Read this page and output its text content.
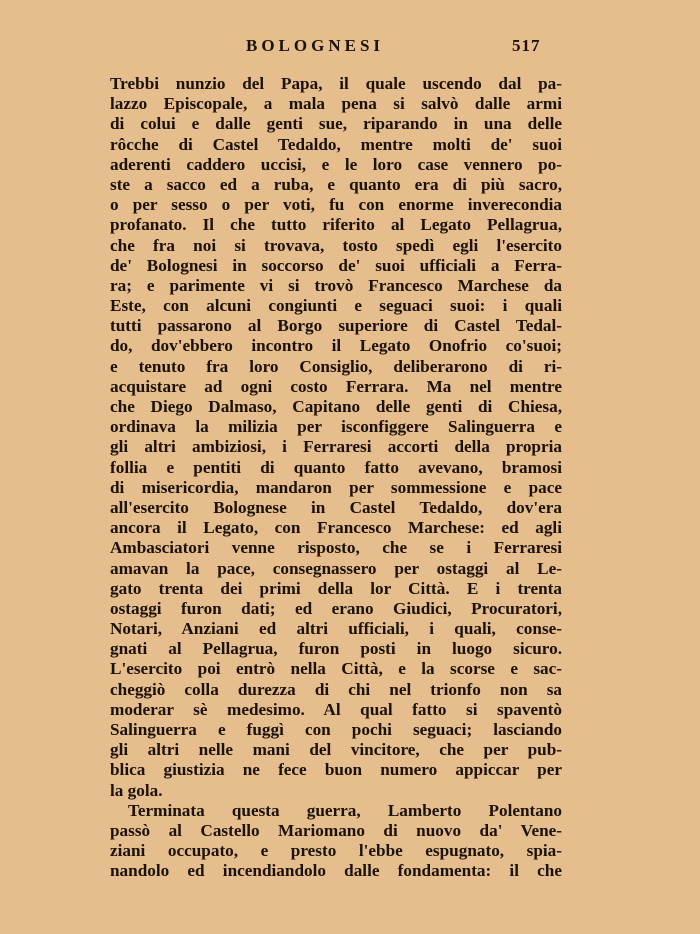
BOLOGNESI	517
Trebbi nunzio del Papa, il quale uscendo dal pa-
lazzo Episcopale, a mala pena si salvò dalle armi
di colui e dalle genti sue, riparando in una delle
rôcche di Castel Tedaldo, mentre molti de' suoi
aderenti caddero uccisi, e le loro case vennero po-
ste a sacco ed a ruba, e quanto era di più sacro,
o per sesso o per voti, fu con enorme inverecondia
profanato. Il che tutto riferito al Legato Pellagrua,
che fra noi si trovava, tosto spedì egli l'esercito
de' Bolognesi in soccorso de' suoi ufficiali a Ferra-
ra; e parimente vi si trovò Francesco Marchese da
Este, con alcuni congiunti e seguaci suoi: i quali
tutti passarono al Borgo superiore di Castel Tedal-
do, dov'ebbero incontro il Legato Onofrio co'suoi;
e tenuto fra loro Consiglio, deliberarono di ri-
acquistare ad ogni costo Ferrara. Ma nel mentre
che Diego Dalmaso, Capitano delle genti di Chiesa,
ordinava la milizia per isconfiggere Salinguerra e
gli altri ambiziosi, i Ferraresi accorti della propria
follia e pentiti di quanto fatto avevano, bramosi
di misericordia, mandaron per sommessione e pace
all'esercito Bolognese in Castel Tedaldo, dov'era
ancora il Legato, con Francesco Marchese: ed agli
Ambasciatori venne risposto, che se i Ferraresi
amavan la pace, consegnassero per ostaggi al Le-
gato trenta dei primi della lor Città. E i trenta
ostaggi furon dati; ed erano Giudici, Procuratori,
Notari, Anziani ed altri ufficiali, i quali, conse-
gnati al Pellagrua, furon posti in luogo sicuro.
L'esercito poi entrò nella Città, e la scorse e sac-
cheggiò colla durezza di chi nel trionfo non sa
moderar sè medesimo. Al qual fatto si spaventò
Salinguerra e fuggì con pochi seguaci; lasciando
gli altri nelle mani del vincitore, che per pub-
blica giustizia ne fece buon numero appiccar per
la gola.
Terminata questa guerra, Lamberto Polentano
passò al Castello Mariomano di nuovo da' Vene-
ziani occupato, e presto l'ebbe espugnato, spia-
nandolo ed incendiandolo dalle fondamenta: il che
